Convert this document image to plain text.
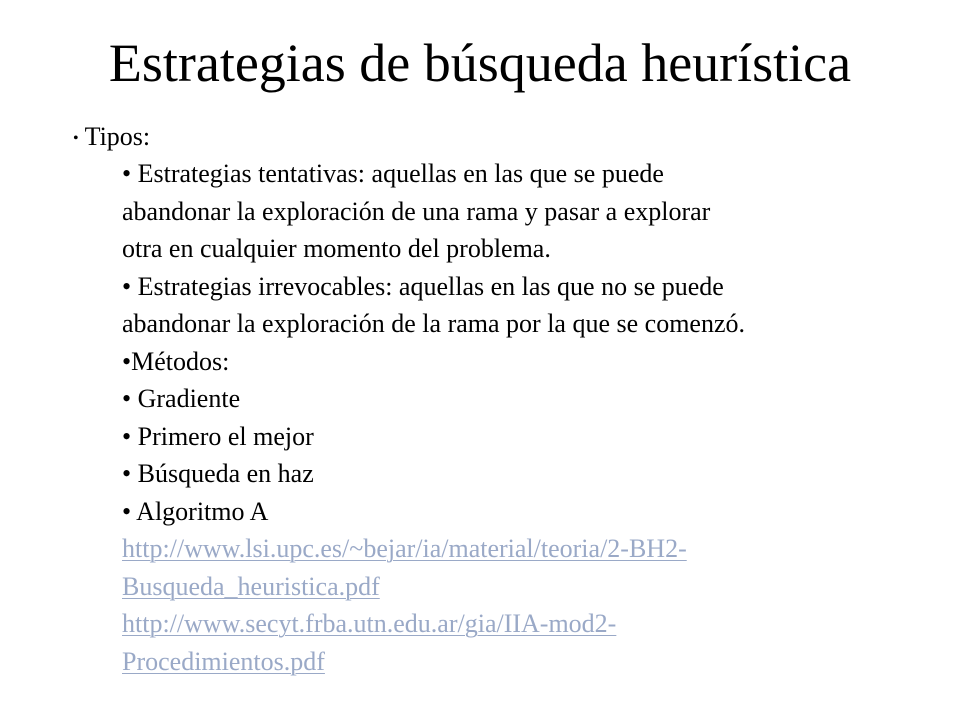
Estrategias de búsqueda heurística
• Tipos:
• Estrategias tentativas: aquellas en las que se puede
abandonar la exploración de una rama y pasar a explorar
otra en cualquier momento del problema.
• Estrategias irrevocables: aquellas en las que no se puede
abandonar la exploración de la rama por la que se comenzó.
•Métodos:
• Gradiente
• Primero el mejor
• Búsqueda en haz
• Algoritmo A
http://www.lsi.upc.es/~bejar/ia/material/teoria/2-BH2-
Busqueda_heuristica.pdf
http://www.secyt.frba.utn.edu.ar/gia/IIA-mod2-
Procedimientos.pdf
